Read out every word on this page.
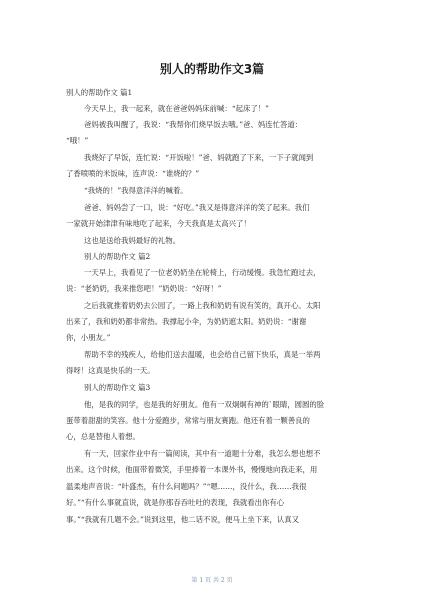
别人的帮助作文3篇
别人的帮助作文 篇1
今天早上，我一起来，就在爸爸妈妈床前喊：“起床了！”
爸妈被我叫醒了，我说：“我帮你们烧早饭去哦。”爸、妈连忙答道：
“哦！”
我烧好了早饭，连忙说：“开饭啦！”爸、妈就跑了下来，一下子就闻到
了香喷喷的米饭味，连声说：“谁烧的？”
“我烧的！”我得意洋洋的喊着。
爸爸、妈妈尝了一口，说：“好吃。”我又是得意洋洋的笑了起来。我们
一家就开始津津有味地吃了起来，今天我真是太高兴了！
这也是送给我妈最好的礼物。
别人的帮助作文 篇2
一天早上，我看见了一位老奶奶坐在轮椅上，行动缓慢。我急忙跑过去，
说：“老奶奶，我来推您吧！”奶奶说：“好呀！”
之后我就推着奶奶去公园了，一路上我和奶奶有说有笑的，真开心。太阳
出来了，我和奶奶都非常热。我撑起小伞，为奶奶遮太阳。奶奶说：“谢谢
你，小朋友。”
帮助不幸的残疾人，给他们送去温暖，也会给自己留下快乐，真是一举两
得呀！这真是快乐的一天。
别人的帮助作文 篇3
他，是我的同学，也是我的好朋友。他有一双炯炯有神的`眼睛，圆圆的脸
蛋带着甜甜的笑容。他十分爱跑步，常常与朋友赛跑。他还有着一颗善良的
心，总是替他人着想。
有一天，回家作业中有一篇阅读，其中有一道题十分难，我怎么想也想不
出来。这个时候，他面带着微笑，手里捧着一本课外书，慢慢地向我走来，用
温柔地声音说：“叶盛杰，有什么问题吗？”“嗯……，没什么，我……我很
好。”“有什么事就直说，就是你那吞吞吐吐的表现，我就看出你有心
事。”“我就有几题不会。”说到这里，他二话不说，便马上坐下来，认真又
第 1 页 共 2 页
